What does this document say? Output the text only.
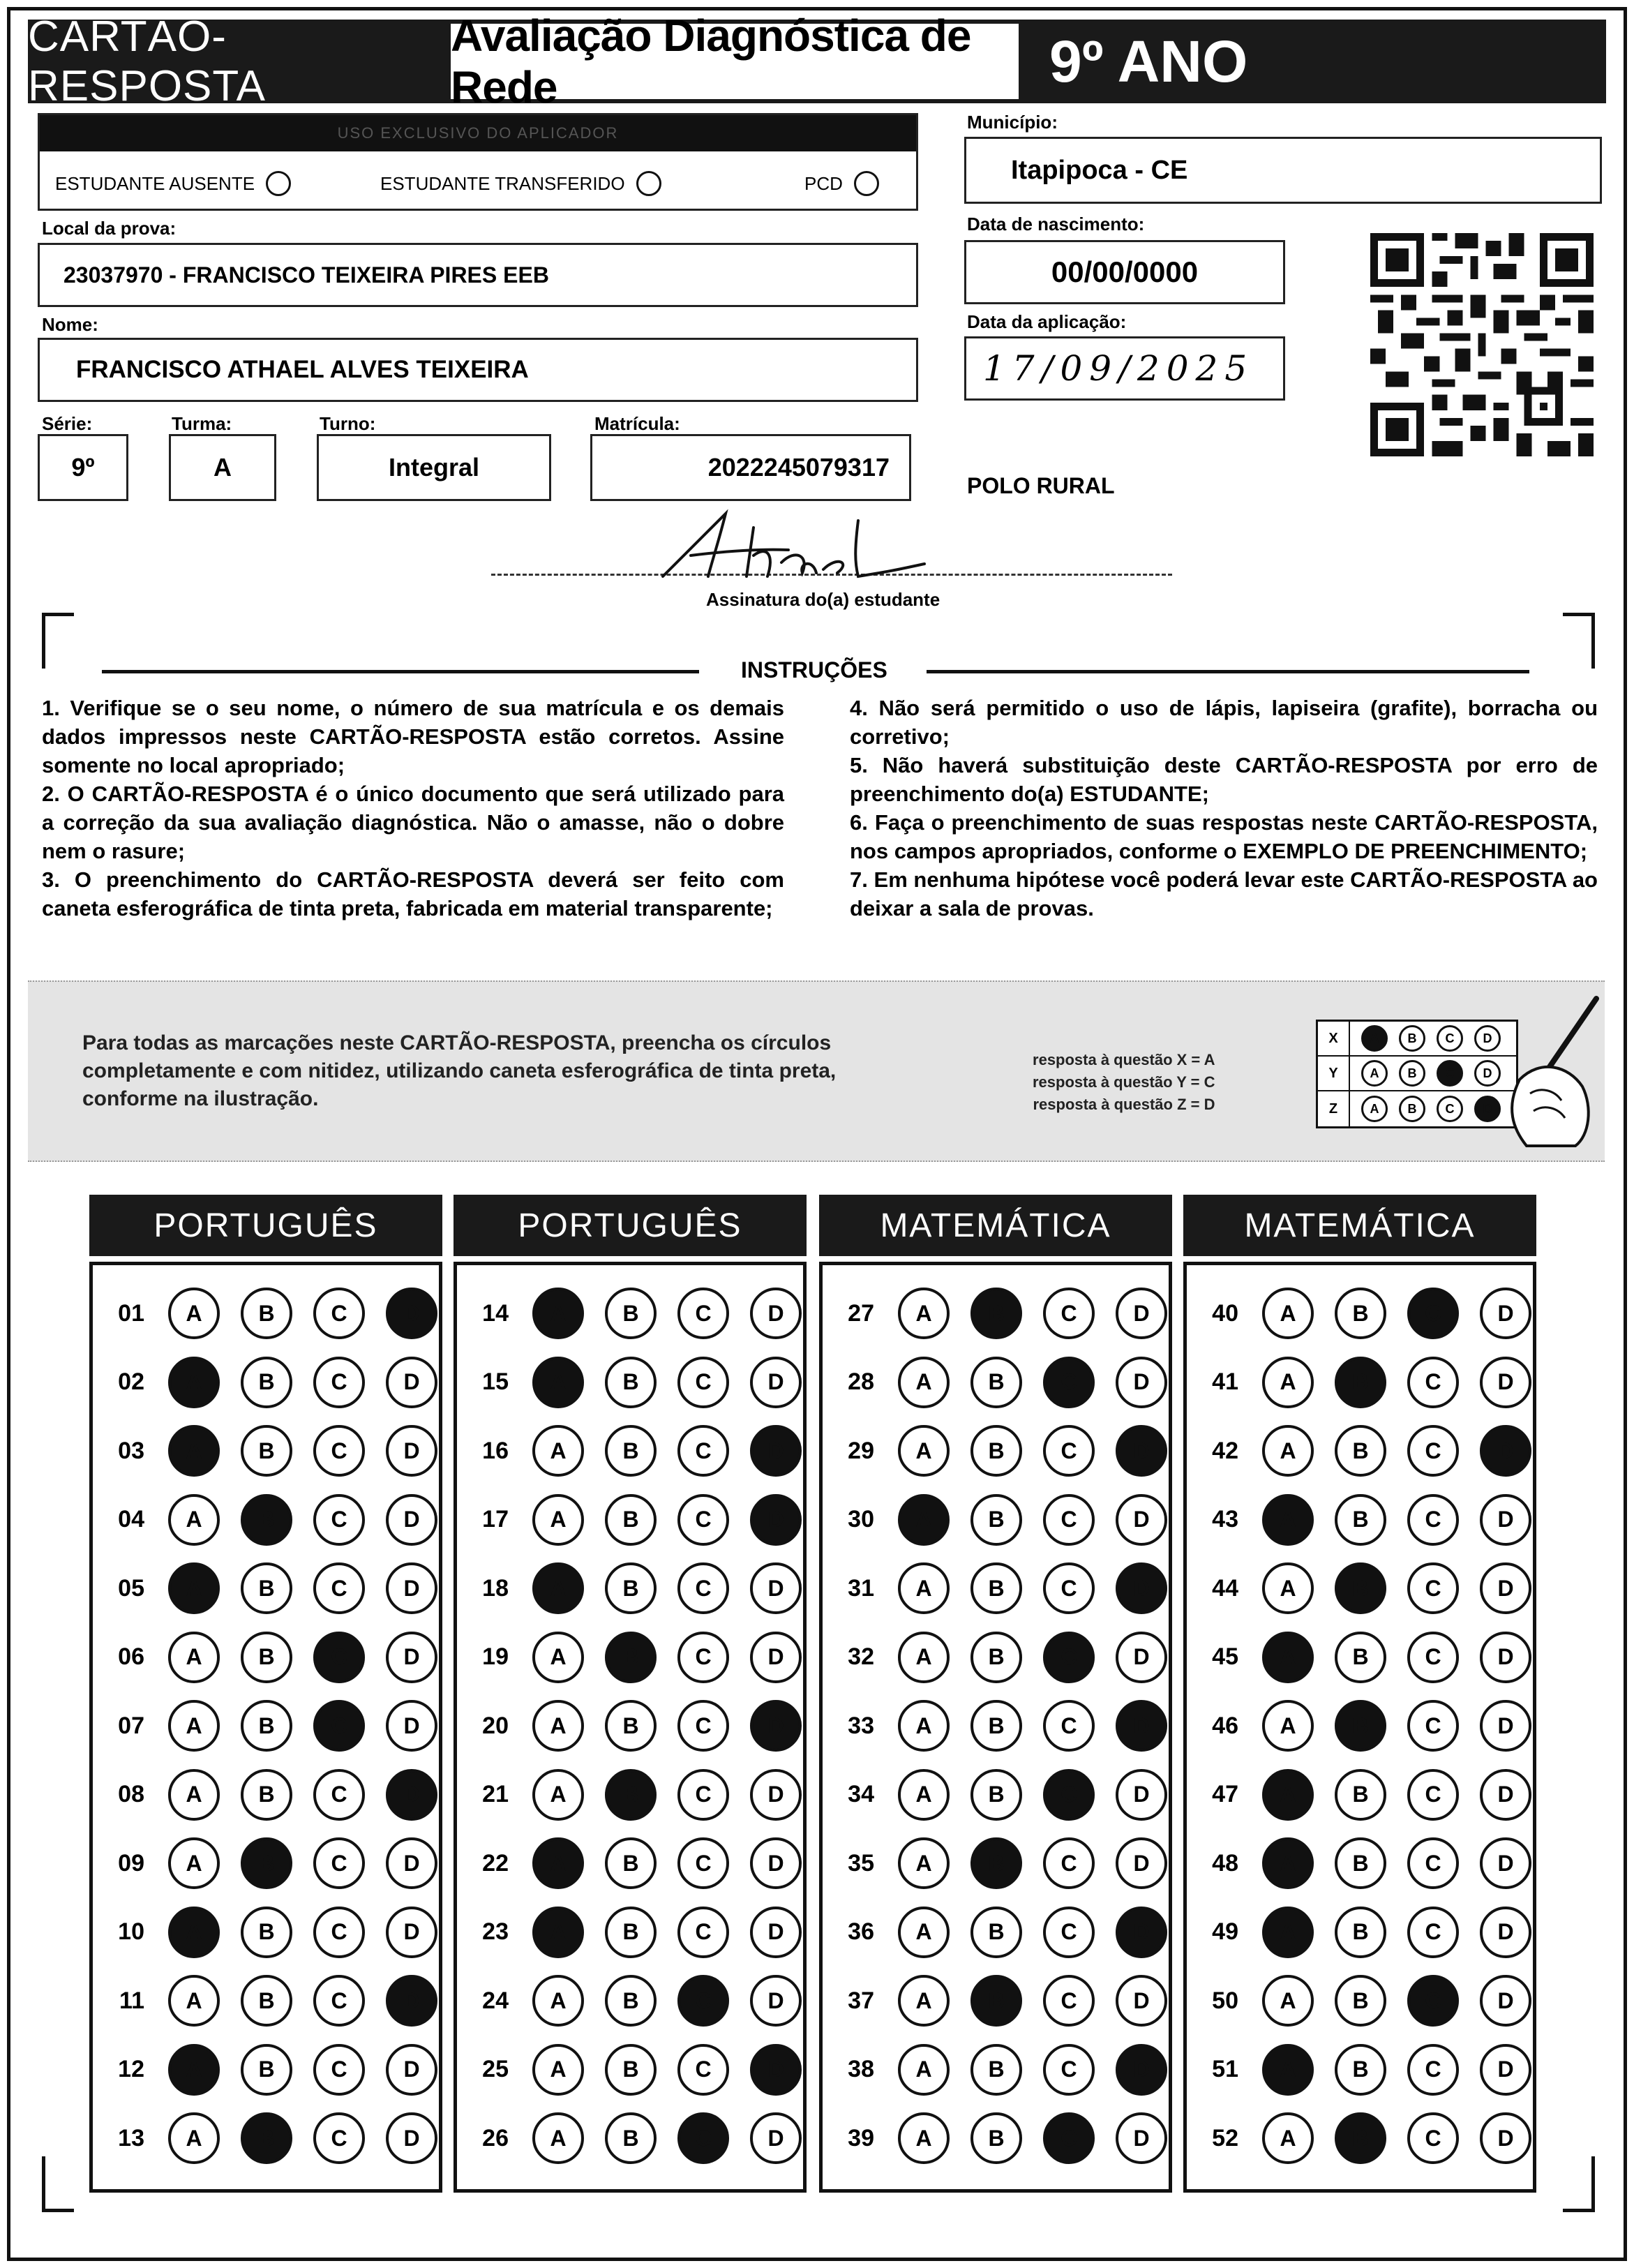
CARTÃO-RESPOSTA
Avaliação Diagnóstica de Rede	9º ANO
USO EXCLUSIVO DO APLICADOR
ESTUDANTE AUSENTE	ESTUDANTE TRANSFERIDO	PCD
Local da prova:
23037970 - FRANCISCO TEIXEIRA PIRES EEB
Nome:
FRANCISCO ATHAEL ALVES TEIXEIRA
Série:
9º
Turma:
A
Turno:
Integral
Matrícula:
2022245079317
Município:
Itapipoca - CE
Data de nascimento:
00/00/0000
Data da aplicação:
17/09/2025
POLO RURAL
Assinatura do(a) estudante
INSTRUÇÕES

1. Verifique se o seu nome, o número de sua matrícula e os demais dados impressos neste CARTÃO-RESPOSTA estão corretos. Assine somente no local apropriado;

2. O CARTÃO-RESPOSTA é o único documento que será utilizado para a correção da sua avaliação diagnóstica. Não o amasse, não o dobre nem o rasure;

3. O preenchimento do CARTÃO-RESPOSTA deverá ser feito com caneta esferográfica de tinta preta, fabricada em material transparente;

4. Não será permitido o uso de lápis, lapiseira (grafite), borracha ou corretivo;

5. Não haverá substituição deste CARTÃO-RESPOSTA por erro de preenchimento do(a) ESTUDANTE;

6. Faça o preenchimento de suas respostas neste CARTÃO-RESPOSTA, nos campos apropriados, conforme o EXEMPLO DE PREENCHIMENTO;

7. Em nenhuma hipótese você poderá levar este CARTÃO-RESPOSTA ao deixar a sala de provas.

Para todas as marcações neste CARTÃO-RESPOSTA, preencha os círculos completamente e com nitidez, utilizando caneta esferográfica de tinta preta, conforme na ilustração.
resposta à questão X = A
resposta à questão Y = C
resposta à questão Z = D
X	A	B	C	D
Y	A	B	C	D
Z	A	B	C	D
PORTUGUÊS
01	A	B	C	D
02	A	B	C	D
03	A	B	C	D
04	A	B	C	D
05	A	B	C	D
06	A	B	C	D
07	A	B	C	D
08	A	B	C	D
09	A	B	C	D
10	A	B	C	D
11	A	B	C	D
12	A	B	C	D
13	A	B	C	D
PORTUGUÊS
14	A	B	C	D
15	A	B	C	D
16	A	B	C	D
17	A	B	C	D
18	A	B	C	D
19	A	B	C	D
20	A	B	C	D
21	A	B	C	D
22	A	B	C	D
23	A	B	C	D
24	A	B	C	D
25	A	B	C	D
26	A	B	C	D
MATEMÁTICA
27	A	B	C	D
28	A	B	C	D
29	A	B	C	D
30	A	B	C	D
31	A	B	C	D
32	A	B	C	D
33	A	B	C	D
34	A	B	C	D
35	A	B	C	D
36	A	B	C	D
37	A	B	C	D
38	A	B	C	D
39	A	B	C	D
MATEMÁTICA
40	A	B	C	D
41	A	B	C	D
42	A	B	C	D
43	A	B	C	D
44	A	B	C	D
45	A	B	C	D
46	A	B	C	D
47	A	B	C	D
48	A	B	C	D
49	A	B	C	D
50	A	B	C	D
51	A	B	C	D
52	A	B	C	D
